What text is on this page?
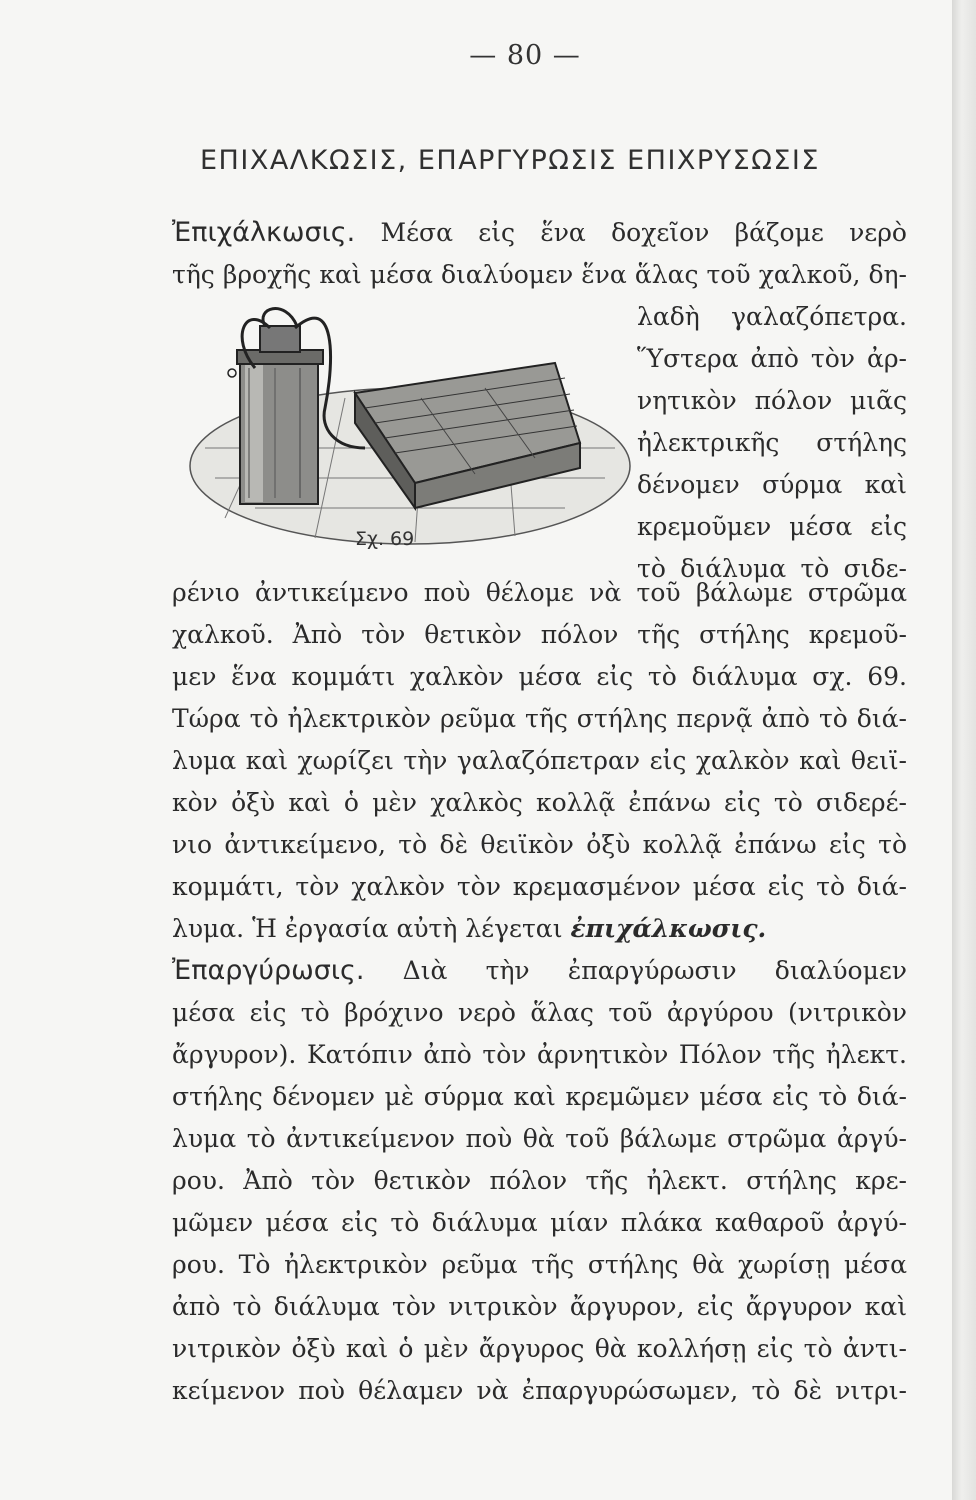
— 80 —
ΕΠΙΧΑΛΚΩΣΙΣ, ΕΠΑΡΓΥΡΩΣΙΣ ΕΠΙΧΡΥΣΩΣΙΣ
Ἐπιχάλκωσις. Μέσα εἰς ἕνα δοχεῖον βάζομε νερὸ
τῆς βροχῆς καὶ μέσα διαλύομεν ἕνα ἅλας τοῦ χαλκοῦ, δη-
λαδὴ γαλαζόπετρα.
Ὕστερα ἀπὸ τὸν ἀρ-
νητικὸν πόλον μιᾶς
ἠλεκτρικῆς στήλης
δένομεν σύρμα καὶ
κρεμοῦμεν μέσα εἰς
τὸ διάλυμα τὸ σιδε-
Σχ. 69
ρένιο ἀντικείμενο ποὺ θέλομε νὰ τοῦ βάλωμε στρῶμα
χαλκοῦ. Ἀπὸ τὸν θετικὸν πόλον τῆς στήλης κρεμοῦ-
μεν ἕνα κομμάτι χαλκὸν μέσα εἰς τὸ διάλυμα σχ. 69.
Τώρα τὸ ἠλεκτρικὸν ρεῦμα τῆς στήλης περνᾷ ἀπὸ τὸ διά-
λυμα καὶ χωρίζει τὴν γαλαζόπετραν εἰς χαλκὸν καὶ θειϊ-
κὸν ὀξὺ καὶ ὁ μὲν χαλκὸς κολλᾷ ἐπάνω εἰς τὸ σιδερέ-
νιο ἀντικείμενο, τὸ δὲ θειϊκὸν ὀξὺ κολλᾷ ἐπάνω εἰς τὸ
κομμάτι, τὸν χαλκὸν τὸν κρεμασμένον μέσα εἰς τὸ διά-
λυμα. Ἡ ἐργασία αὐτὴ λέγεται ἐπιχάλκωσις.
Ἐπαργύρωσις. Διὰ τὴν ἐπαργύρωσιν διαλύομεν
μέσα εἰς τὸ βρόχινο νερὸ ἅλας τοῦ ἀργύρου (νιτρικὸν
ἄργυρον). Κατόπιν ἀπὸ τὸν ἀρνητικὸν Πόλον τῆς ἠλεκτ.
στήλης δένομεν μὲ σύρμα καὶ κρεμῶμεν μέσα εἰς τὸ διά-
λυμα τὸ ἀντικείμενον ποὺ θὰ τοῦ βάλωμε στρῶμα ἀργύ-
ρου. Ἀπὸ τὸν θετικὸν πόλον τῆς ἠλεκτ. στήλης κρε-
μῶμεν μέσα εἰς τὸ διάλυμα μίαν πλάκα καθαροῦ ἀργύ-
ρου. Τὸ ἠλεκτρικὸν ρεῦμα τῆς στήλης θὰ χωρίσῃ μέσα
ἀπὸ τὸ διάλυμα τὸν νιτρικὸν ἄργυρον, εἰς ἄργυρον καὶ
νιτρικὸν ὀξὺ καὶ ὁ μὲν ἄργυρος θὰ κολλήσῃ εἰς τὸ ἀντι-
κείμενον ποὺ θέλαμεν νὰ ἐπαργυρώσωμεν, τὸ δὲ νιτρι-
